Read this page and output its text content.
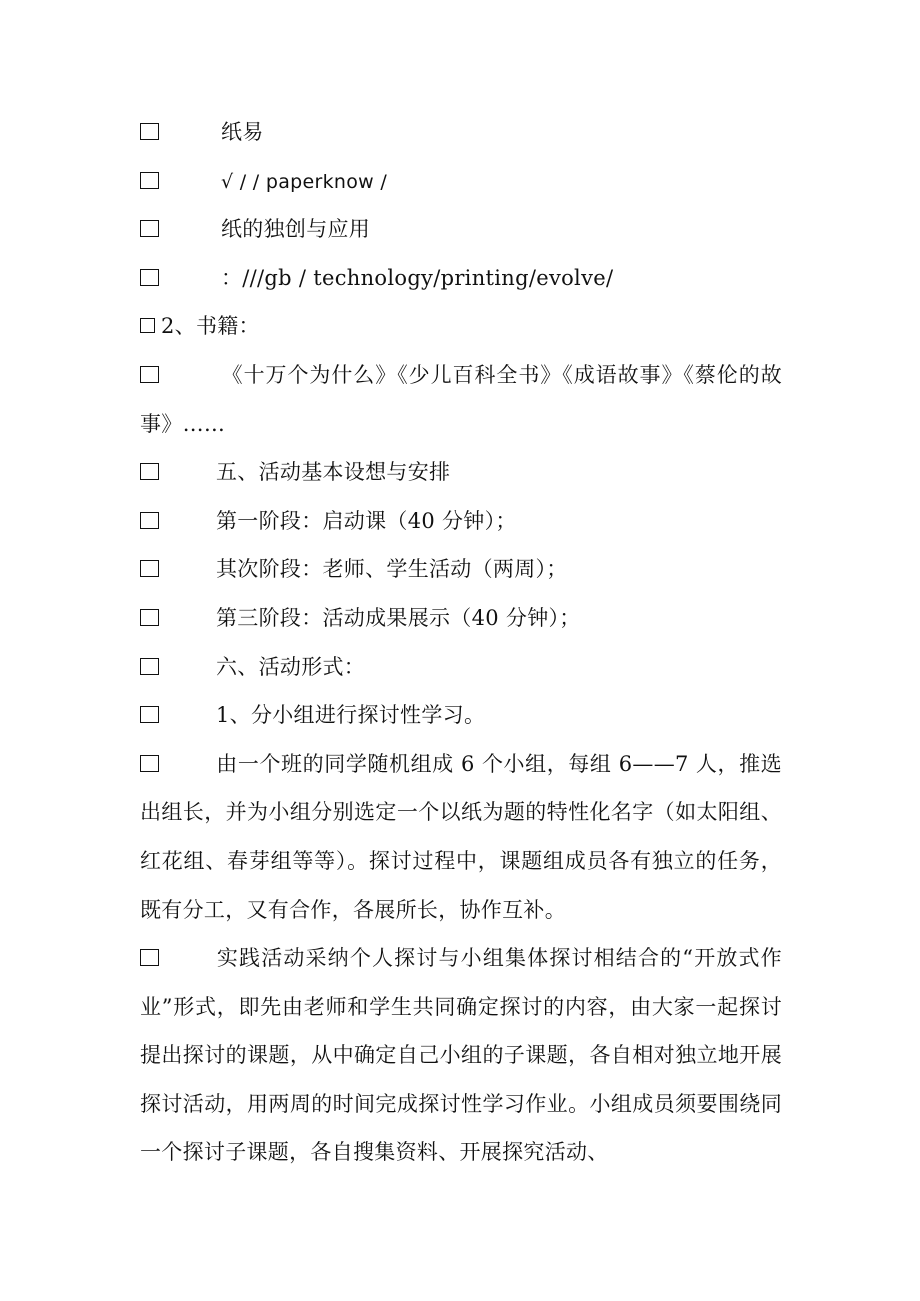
纸易
√ / / paperknow /
纸的独创与应用
：///gb / technology/printing/evolve/
2、书籍：
《十万个为什么》《少儿百科全书》《成语故事》《蔡伦的故事》……
五、活动基本设想与安排
第一阶段：启动课（40 分钟）；
其次阶段：老师、学生活动（两周）；
第三阶段：活动成果展示（40 分钟）；
六、活动形式：
1、分小组进行探讨性学习。
由一个班的同学随机组成 6 个小组，每组 6——7 人，推选出组长，并为小组分别选定一个以纸为题的特性化名字（如太阳组、红花组、春芽组等等）。探讨过程中，课题组成员各有独立的任务，既有分工，又有合作，各展所长，协作互补。
实践活动采纳个人探讨与小组集体探讨相结合的“开放式作业”形式，即先由老师和学生共同确定探讨的内容，由大家一起探讨提出探讨的课题，从中确定自己小组的子课题，各自相对独立地开展探讨活动，用两周的时间完成探讨性学习作业。小组成员须要围绕同一个探讨子课题，各自搜集资料、开展探究活动、
